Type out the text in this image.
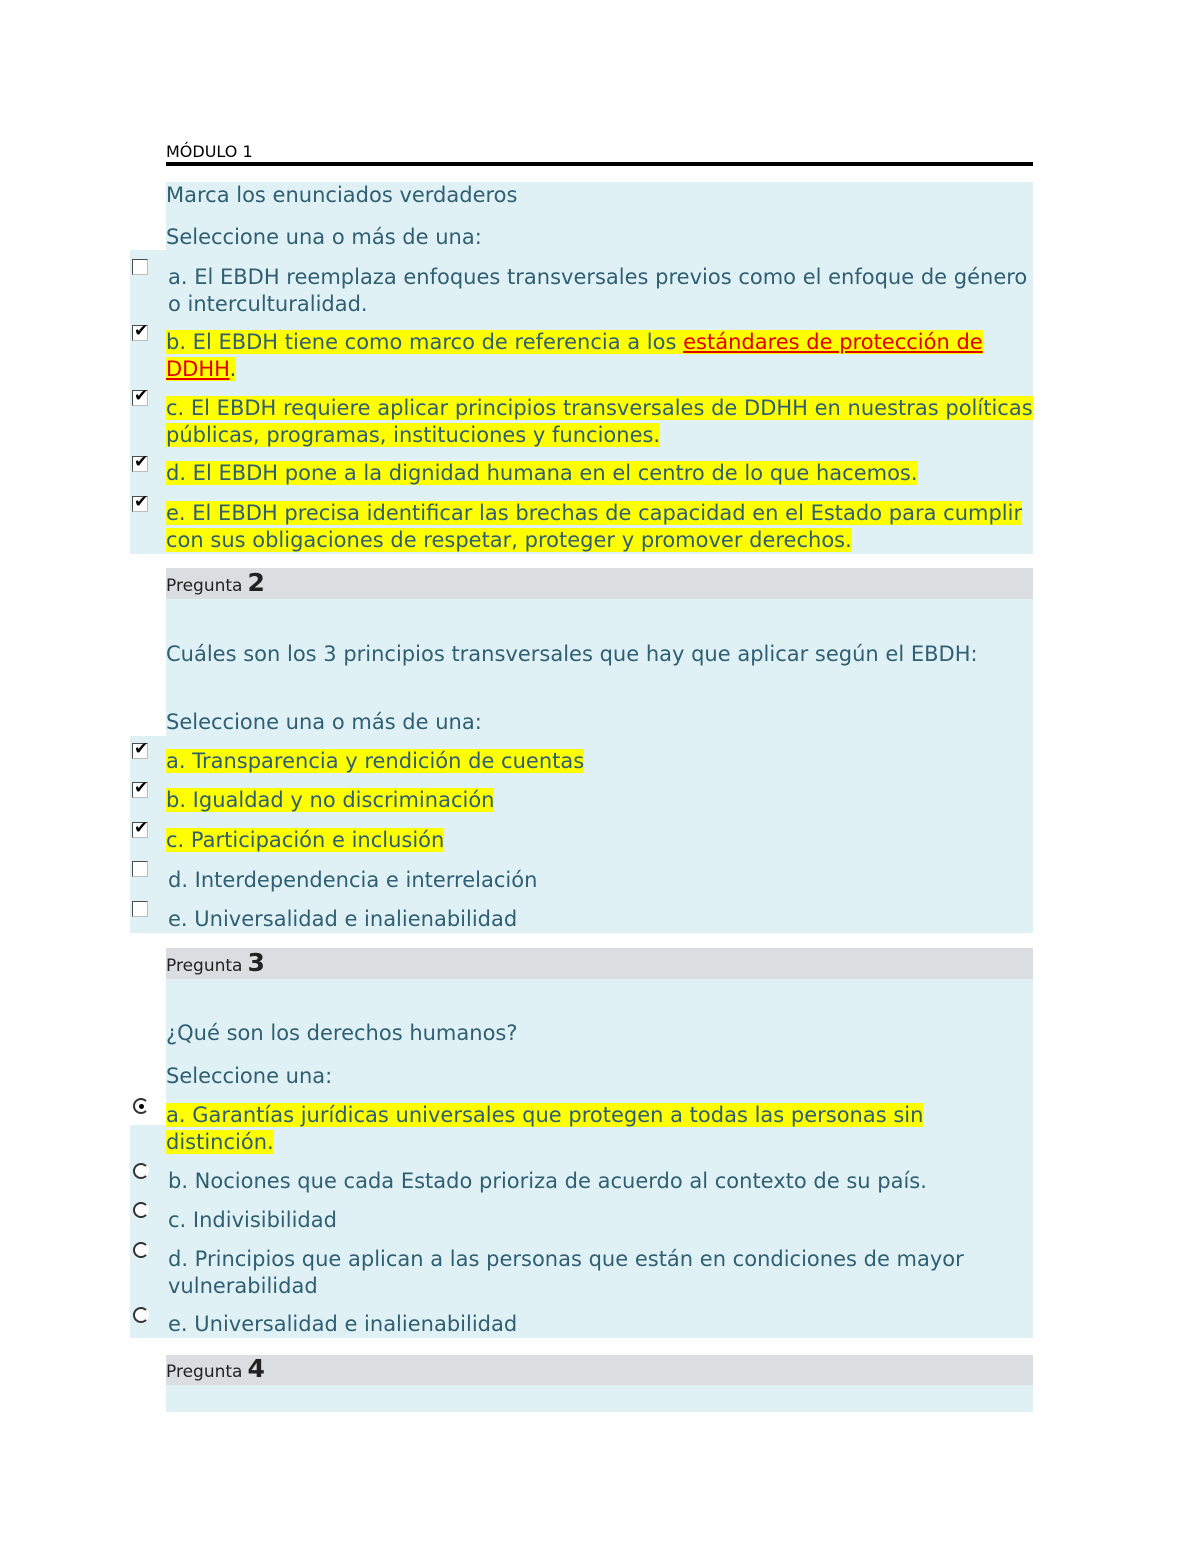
MÓDULO 1
Marca los enunciados verdaderos
Seleccione una o más de una:
a. El EBDH reemplaza enfoques transversales previos como el enfoque de género o interculturalidad.
✔ b. El EBDH tiene como marco de referencia a los estándares de protección de DDHH.
✔ c. El EBDH requiere aplicar principios transversales de DDHH en nuestras políticas públicas, programas, instituciones y funciones.
✔ d. El EBDH pone a la dignidad humana en el centro de lo que hacemos.
✔ e. El EBDH precisa identificar las brechas de capacidad en el Estado para cumplir con sus obligaciones de respetar, proteger y promover derechos.
Pregunta 2
Cuáles son los 3 principios transversales que hay que aplicar según el EBDH:
Seleccione una o más de una:
✔ a. Transparencia y rendición de cuentas
✔ b. Igualdad y no discriminación
✔ c. Participación e inclusión
d. Interdependencia e interrelación
e. Universalidad e inalienabilidad
Pregunta 3
¿Qué son los derechos humanos?
Seleccione una:
a. Garantías jurídicas universales que protegen a todas las personas sin distinción.
b. Nociones que cada Estado prioriza de acuerdo al contexto de su país.
c. Indivisibilidad
d. Principios que aplican a las personas que están en condiciones de mayor vulnerabilidad
e. Universalidad e inalienabilidad
Pregunta 4
